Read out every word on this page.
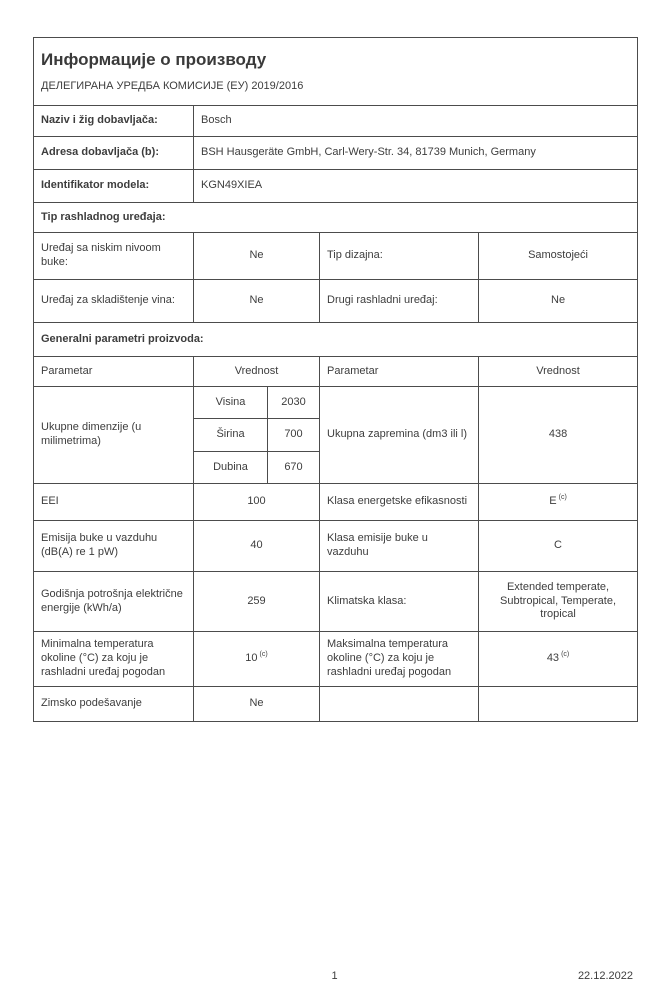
Информације о производу
ДЕЛЕГИРАНА УРЕДБА КОМИСИЈЕ (ЕУ) 2019/2016				

Naziv i žig dobavljača:	Bosch			
Adresa dobavljača (b):	BSH Hausgeräte GmbH, Carl-Wery-Str. 34, 81739 Munich, Germany			
Identifikator modela:	KGN49XIEA			
Tip rashladnog uređaja:				
Uređaj sa niskim nivoom buke:	Ne		Tip dizajna:	Samostojeći
Uređaj za skladištenje vina:	Ne		Drugi rashladni uređaj:	Ne
Generalni parametri proizvoda:				
Parametar	Vrednost		Parametar	Vrednost
Ukupne dimenzije (u milimetrima)	Visina	2030	Ukupna zapremina (dm3 ili l)	438
	Širina	700		
	Dubina	670		
EEI	100		Klasa energetske efikasnosti	E $^{(c)}$
Emisija buke u vazduhu (dB(A) re 1 pW)	40		Klasa emisije buke u vazduhu	C
Godišnja potrošnja električne energije (kWh/a)	259		Klimatska klasa:	Extended temperate, Subtropical, Temperate, tropical
Minimalna temperatura okoline (°C) za koju je rashladni uređaj pogodan	10 $^{(c)}$		Maksimalna temperatura okoline (°C) za koju je rashladni uređaj pogodan	43 $^{(c)}$
Zimsko podešavanje	Ne			
1	22.12.2022
